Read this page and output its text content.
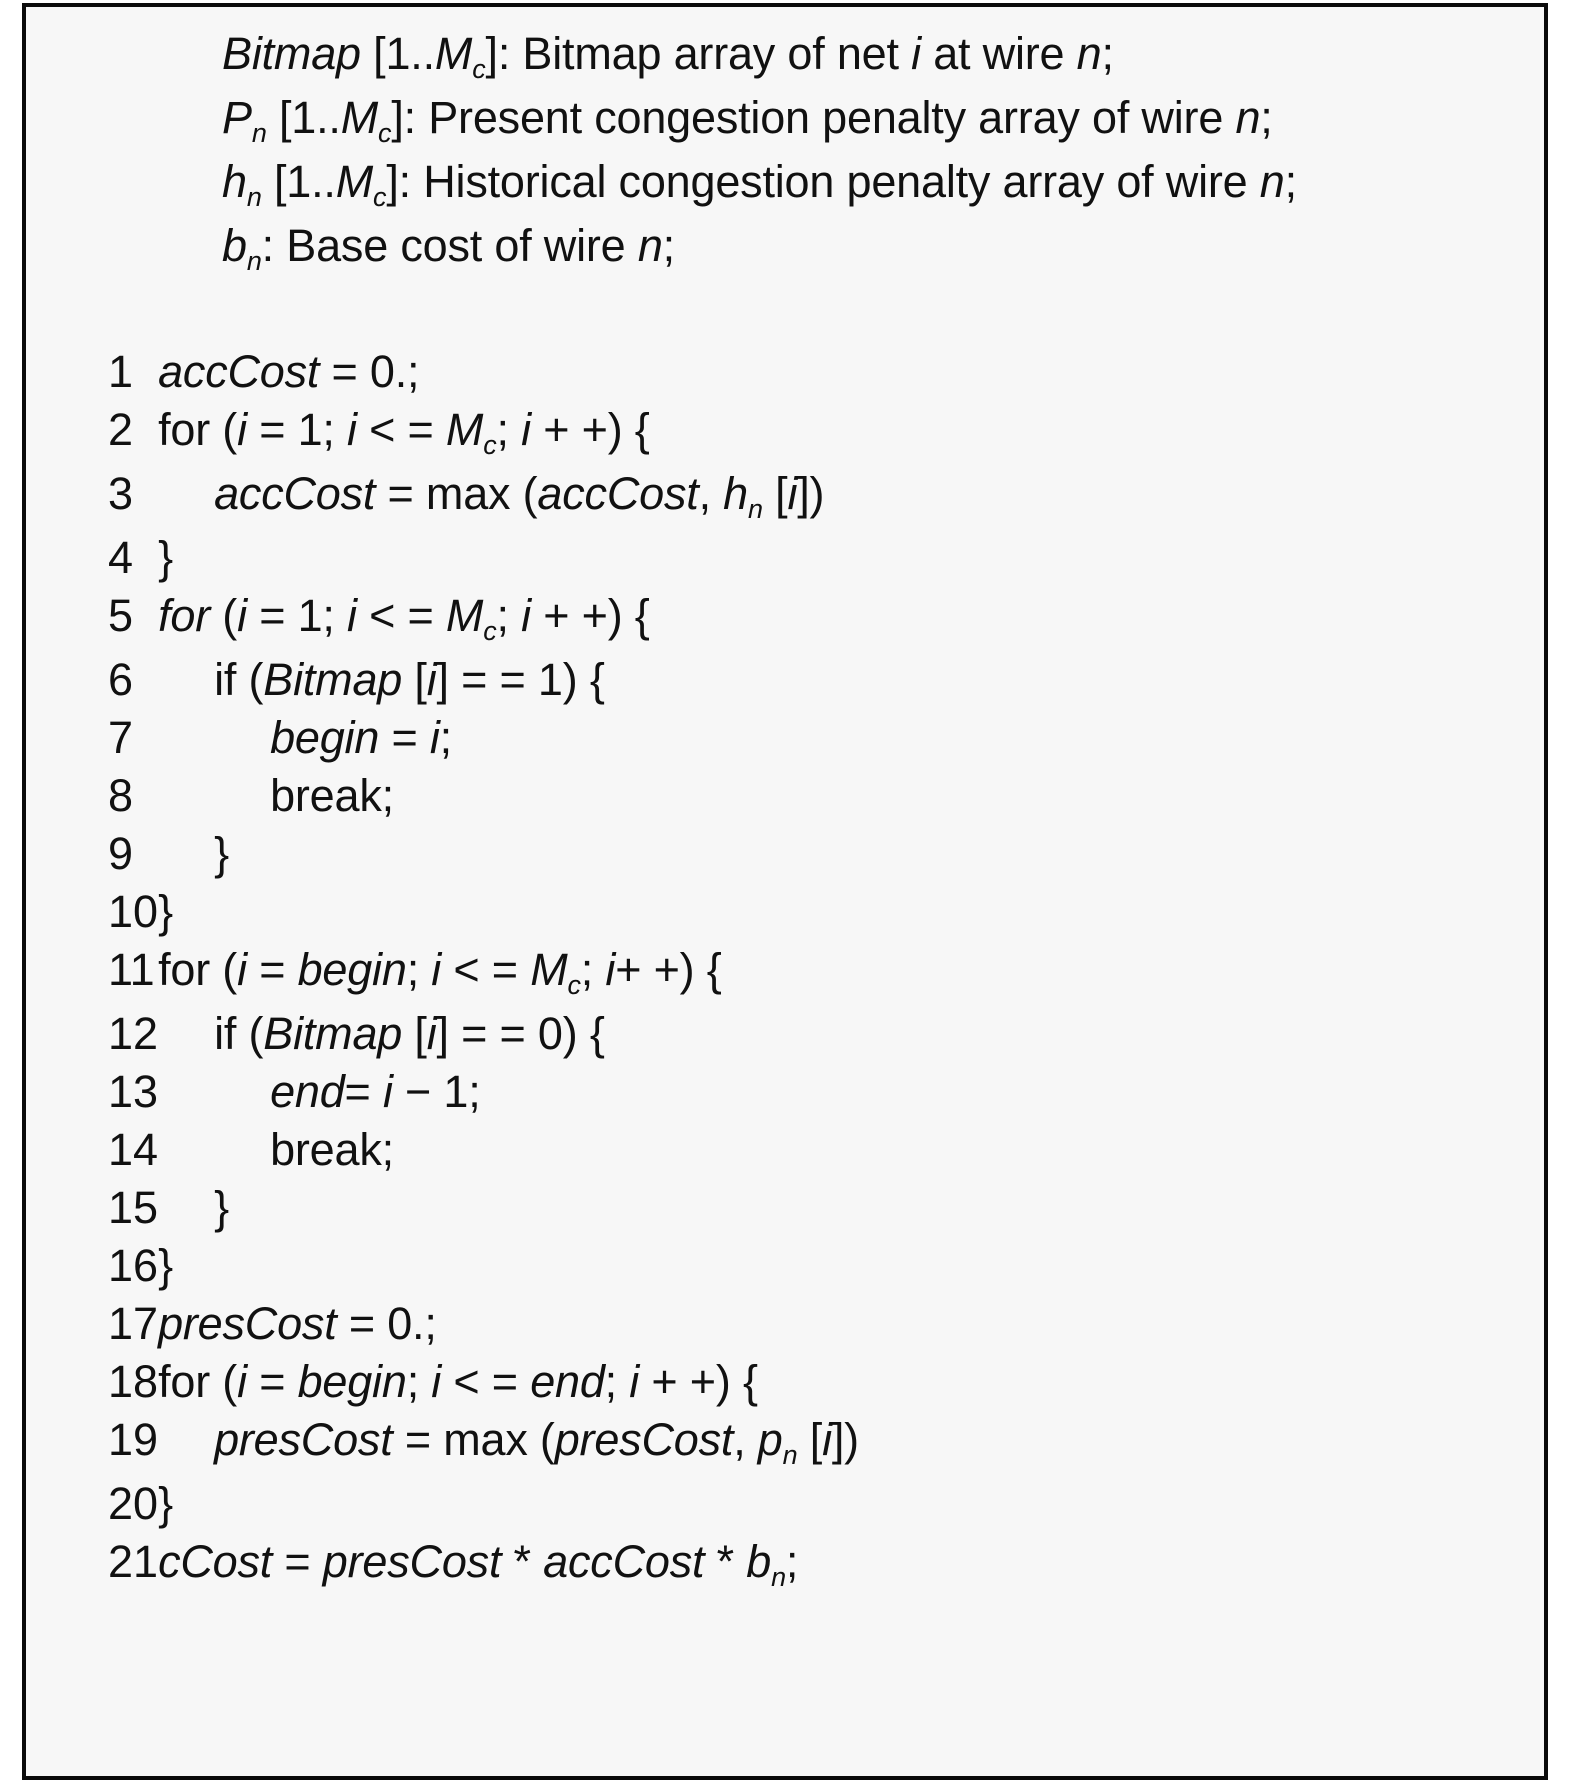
Bitmap $[1..M_c]$: Bitmap array of net i at wire n;
$P_n$ $[1..M_c]$: Present congestion penalty array of wire n;
$h_n$ $[1..M_c]$: Historical congestion penalty array of wire n;
$b_n$: Base cost of wire n;
1	accCost = 0.;
2	for (i = 1; i < = $M_c$; i + +) {
3	accCost = max (accCost, $h_n$ [i])
4	}
5	for (i = 1; i < = $M_c$; i + +) {
6	if (Bitmap [i] = = 1) {
7	begin = i;
8	break;
9	}
10	}
11	for (i = begin; i < = $M_c$; i+ +) {
12	if (Bitmap [i] = = 0) {
13	end= i − 1;
14	break;
15	}
16	}
17	presCost = 0.;
18	for (i = begin; i < = end; i + +) {
19	presCost = max (presCost, $p_n$ [i])
20	}
21	cCost = presCost * accCost * $b_n$;
